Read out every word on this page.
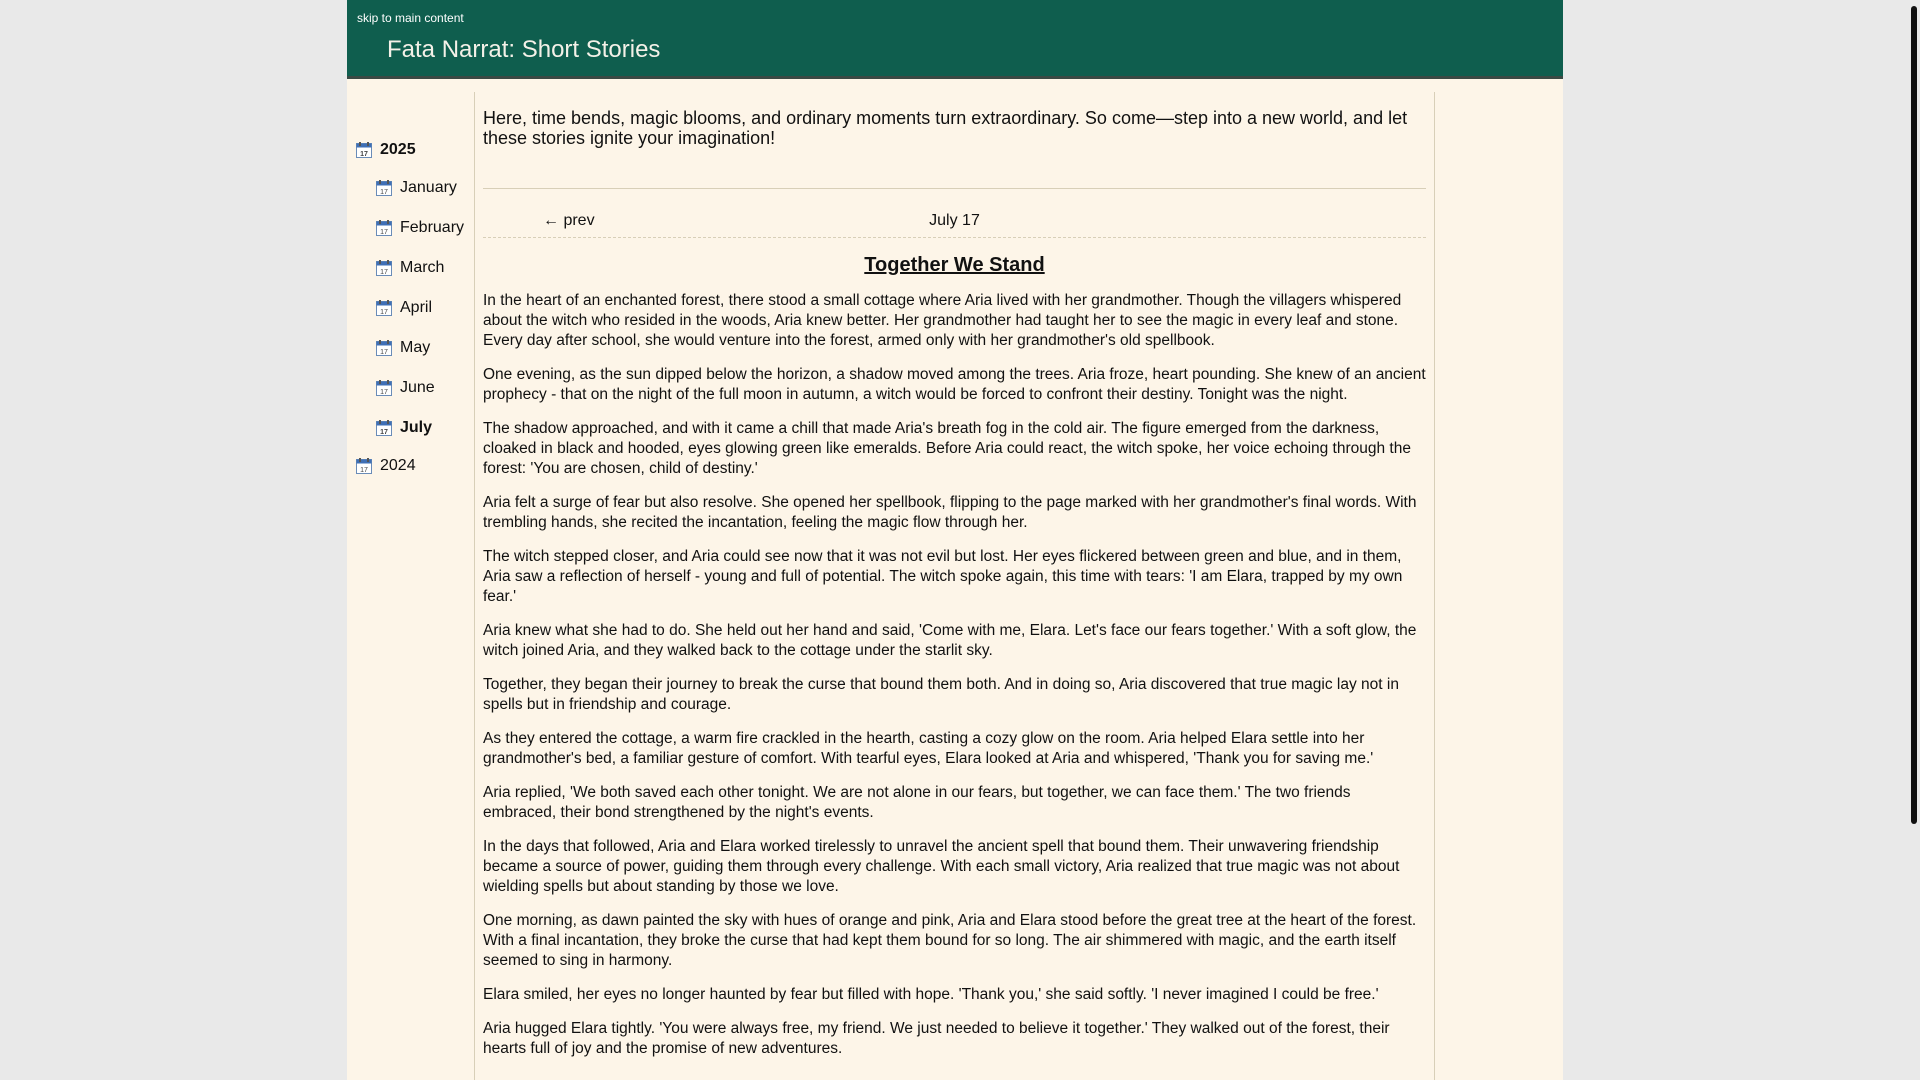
skip to main content
Fata Narrat: Short Stories
17 2025
17 January
17 February
17 March
17 April
17 May
17 June
17 July
17 2024

Here, time bends, magic blooms, and ordinary moments turn extraordinary. So come—step into a new world, and let these stories ignite your imagination!

← prev	July 17
Together We Stand

In the heart of an enchanted forest, there stood a small cottage where Aria lived with her grandmother. Though the villagers whispered about the witch who resided in the woods, Aria knew better. Her grandmother had taught her to see the magic in every leaf and stone. Every day after school, she would venture into the forest, armed only with her grandmother's old spellbook.

One evening, as the sun dipped below the horizon, a shadow moved among the trees. Aria froze, heart pounding. She knew of an ancient prophecy - that on the night of the full moon in autumn, a witch would be forced to confront their destiny. Tonight was the night.

The shadow approached, and with it came a chill that made Aria's breath fog in the cold air. The figure emerged from the darkness, cloaked in black and hooded, eyes glowing green like emeralds. Before Aria could react, the witch spoke, her voice echoing through the forest: 'You are chosen, child of destiny.'

Aria felt a surge of fear but also resolve. She opened her spellbook, flipping to the page marked with her grandmother's final words. With trembling hands, she recited the incantation, feeling the magic flow through her.

The witch stepped closer, and Aria could see now that it was not evil but lost. Her eyes flickered between green and blue, and in them, Aria saw a reflection of herself - young and full of potential. The witch spoke again, this time with tears: 'I am Elara, trapped by my own fear.'

Aria knew what she had to do. She held out her hand and said, 'Come with me, Elara. Let's face our fears together.' With a soft glow, the witch joined Aria, and they walked back to the cottage under the starlit sky.

Together, they began their journey to break the curse that bound them both. And in doing so, Aria discovered that true magic lay not in spells but in friendship and courage.

As they entered the cottage, a warm fire crackled in the hearth, casting a cozy glow on the room. Aria helped Elara settle into her grandmother's bed, a familiar gesture of comfort. With tearful eyes, Elara looked at Aria and whispered, 'Thank you for saving me.'

Aria replied, 'We both saved each other tonight. We are not alone in our fears, but together, we can face them.' The two friends embraced, their bond strengthened by the night's events.

In the days that followed, Aria and Elara worked tirelessly to unravel the ancient spell that bound them. Their unwavering friendship became a source of power, guiding them through every challenge. With each small victory, Aria realized that true magic was not about wielding spells but about standing by those we love.

One morning, as dawn painted the sky with hues of orange and pink, Aria and Elara stood before the great tree at the heart of the forest. With a final incantation, they broke the curse that had kept them bound for so long. The air shimmered with magic, and the earth itself seemed to sing in harmony.

Elara smiled, her eyes no longer haunted by fear but filled with hope. 'Thank you,' she said softly. 'I never imagined I could be free.'

Aria hugged Elara tightly. 'You were always free, my friend. We just needed to believe it together.' They walked out of the forest, their hearts full of joy and the promise of new adventures.
